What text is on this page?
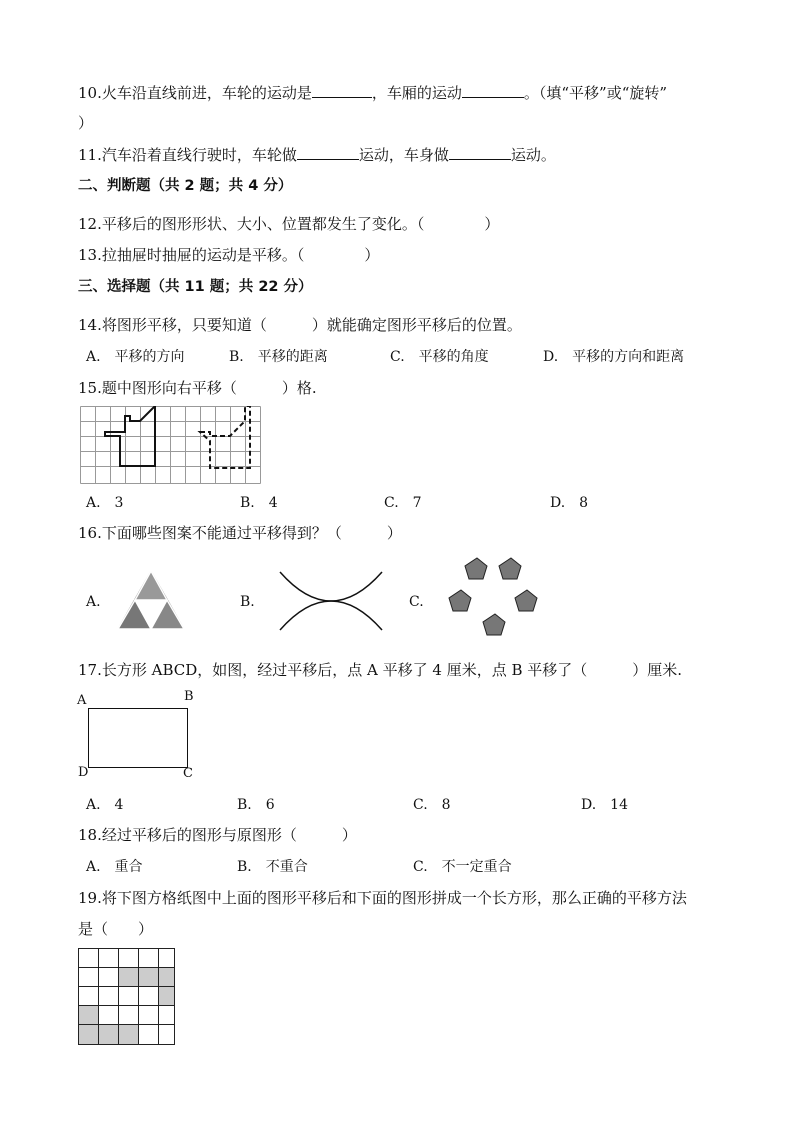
10.火车沿直线前进，车轮的运动是	，车厢的运动	。（填“平移”或“旋转”
）
11.汽车沿着直线行驶时，车轮做	运动，车身做	运动。
二、判断题（共 2 题；共 4 分）
12.平移后的图形形状、大小、位置都发生了变化。（　　　　）
13.拉抽屉时抽屉的运动是平移。（　　　　）
三、选择题（共 11 题；共 22 分）
14.将图形平移，只要知道（　　　）就能确定图形平移后的位置。
A.　平移的方向	B.　平移的距离	C.　平移的角度	D.　平移的方向和距离
15.题中图形向右平移（　　　）格.
A.　3	B.　4	C.　7	D.　8
16.下面哪些图案不能通过平移得到？（　　　）
A.	B.	C.
17.长方形 ABCD，如图，经过平移后，点 A 平移了 4 厘米，点 B 平移了（　　　）厘米.
A	B
D	C
A.　4	B.　6	C.　8	D.　14
18.经过平移后的图形与原图形（　　　）
A.　重合	B.　不重合	C.　不一定重合
19.将下图方格纸图中上面的图形平移后和下面的图形拼成一个长方形，那么正确的平移方法
是（　　）
